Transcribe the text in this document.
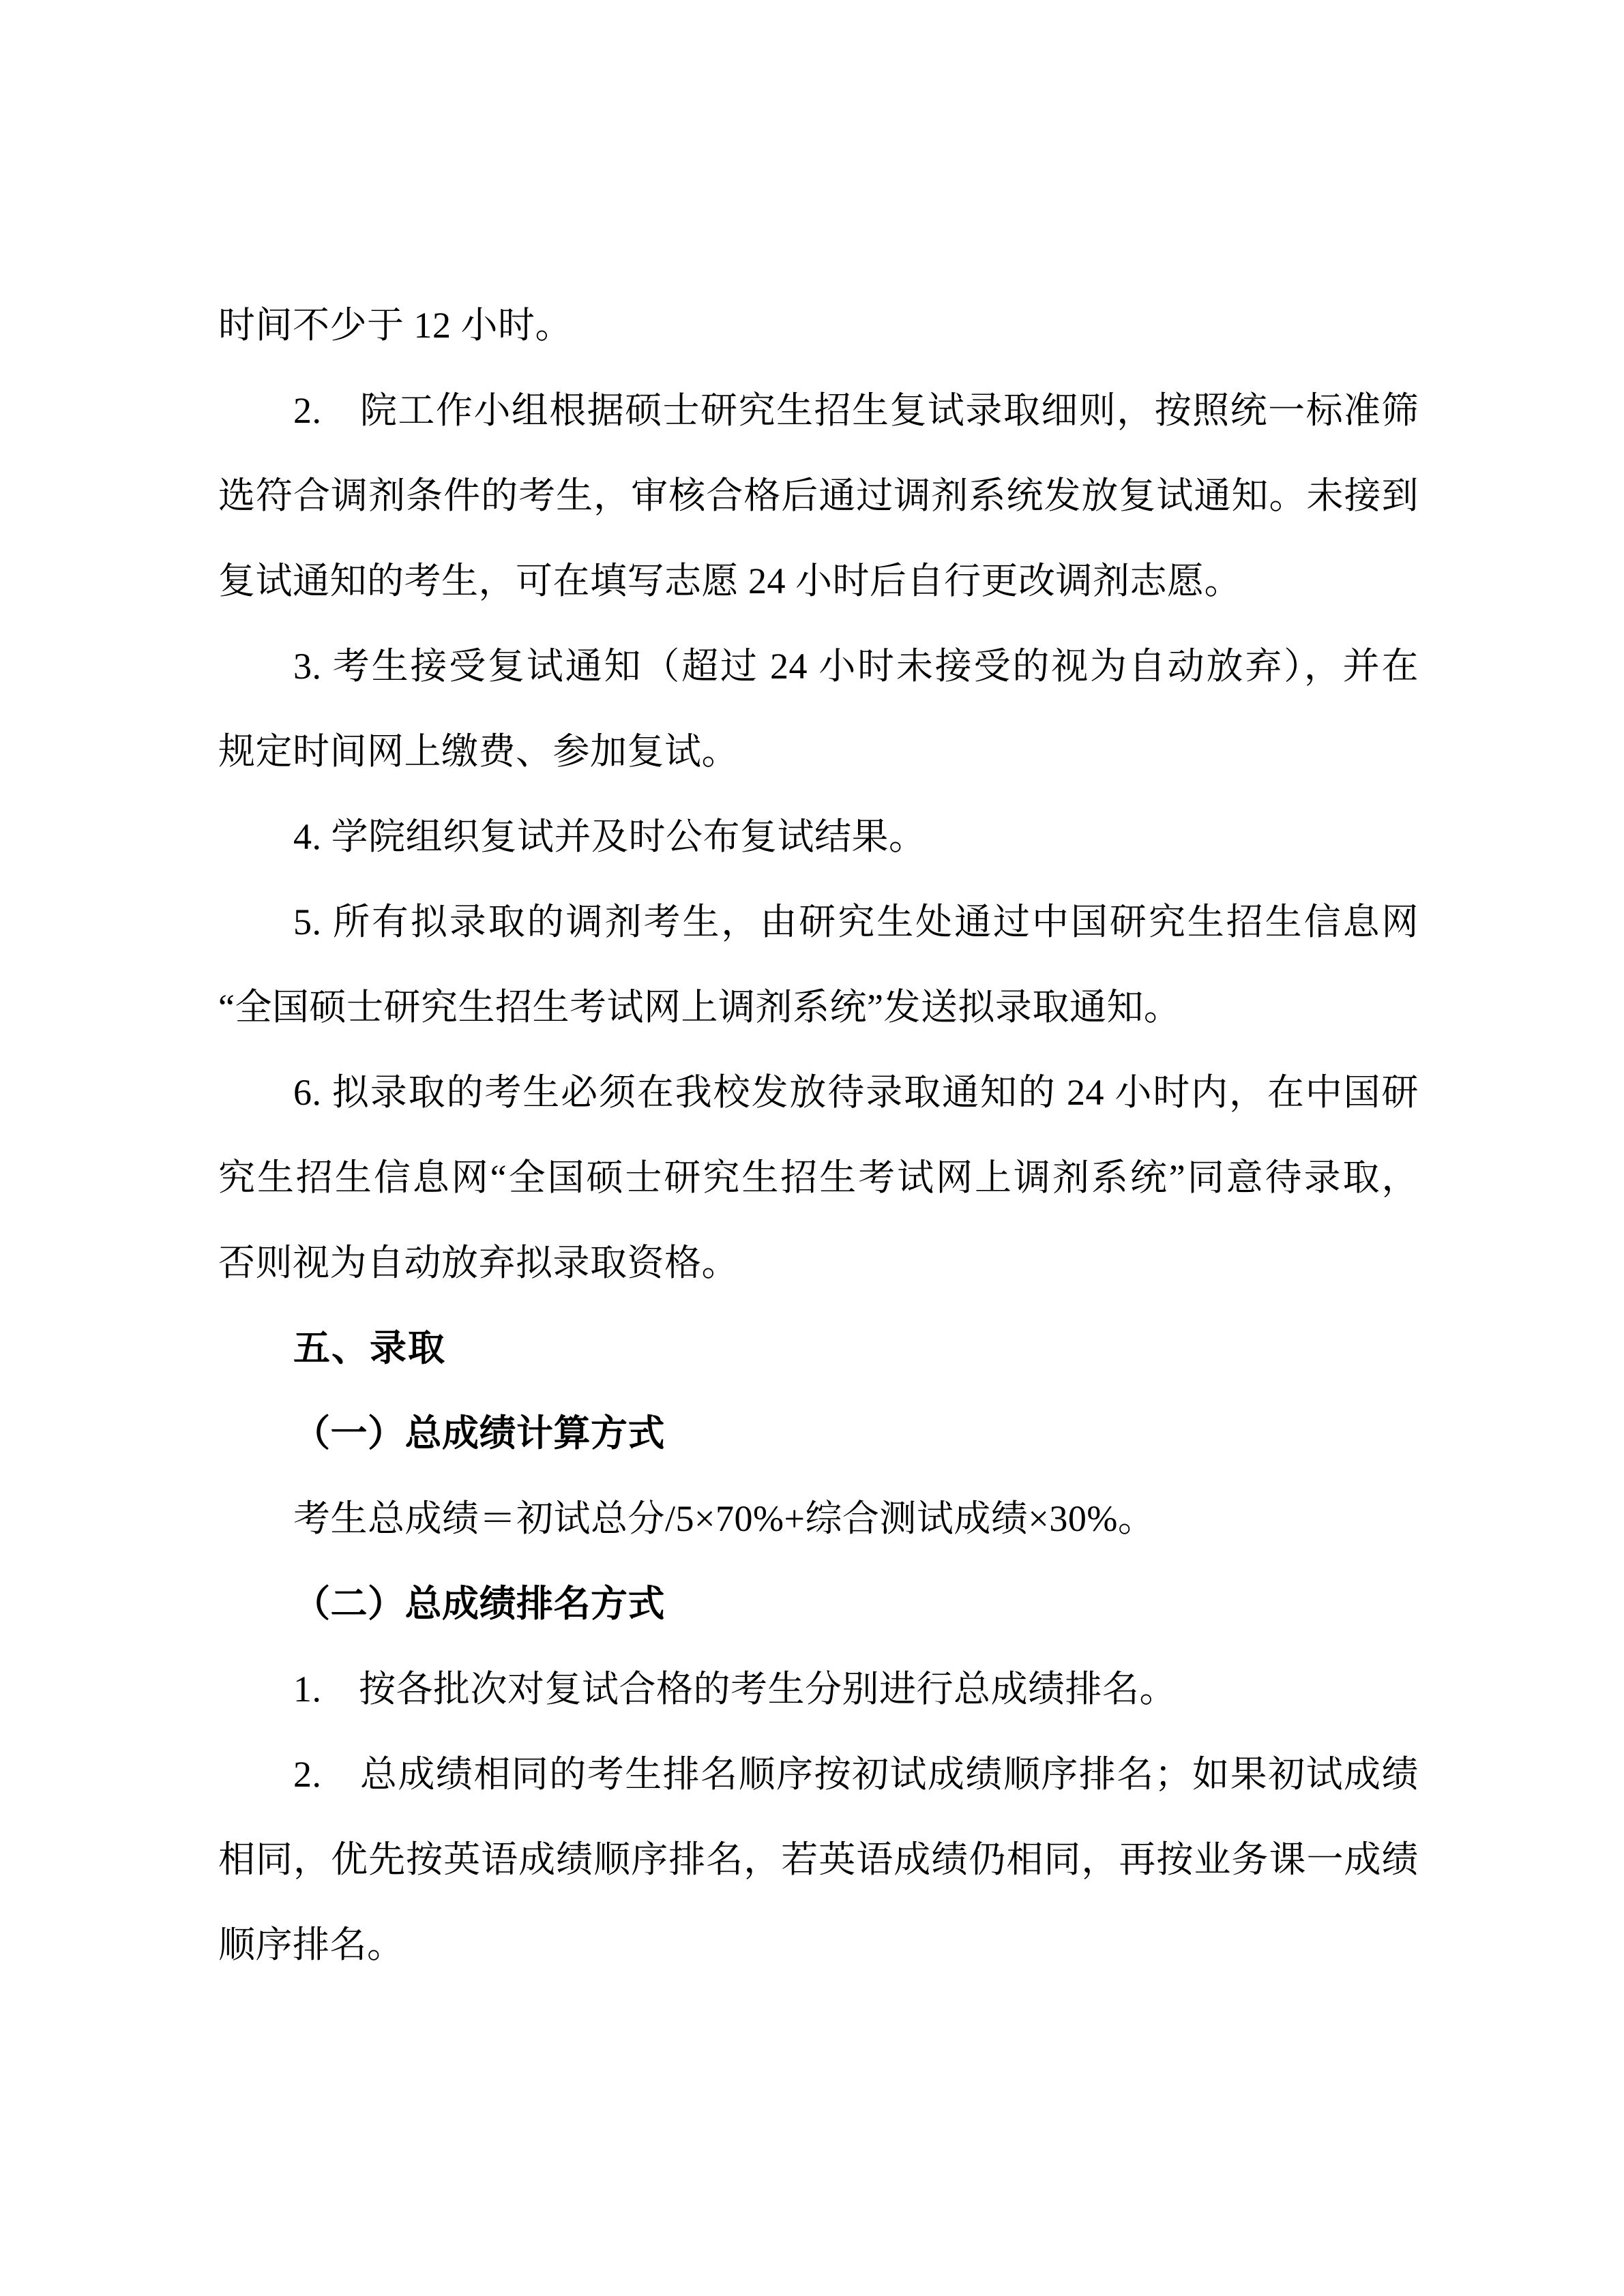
时间不少于 12 小时。
2.　院工作小组根据硕士研究生招生复试录取细则，按照统一标准筛
选符合调剂条件的考生，审核合格后通过调剂系统发放复试通知。未接到
复试通知的考生，可在填写志愿 24 小时后自行更改调剂志愿。
3. 考生接受复试通知（超过 24 小时未接受的视为自动放弃），并在
规定时间网上缴费、参加复试。
4. 学院组织复试并及时公布复试结果。
5. 所有拟录取的调剂考生，由研究生处通过中国研究生招生信息网
“全国硕士研究生招生考试网上调剂系统”发送拟录取通知。
6. 拟录取的考生必须在我校发放待录取通知的 24 小时内，在中国研
究生招生信息网“全国硕士研究生招生考试网上调剂系统”同意待录取，
否则视为自动放弃拟录取资格。
五、录取
（一）总成绩计算方式
考生总成绩＝初试总分/5×70%+综合测试成绩×30%。
（二）总成绩排名方式
1.　按各批次对复试合格的考生分别进行总成绩排名。
2.　总成绩相同的考生排名顺序按初试成绩顺序排名；如果初试成绩
相同，优先按英语成绩顺序排名，若英语成绩仍相同，再按业务课一成绩
顺序排名。
